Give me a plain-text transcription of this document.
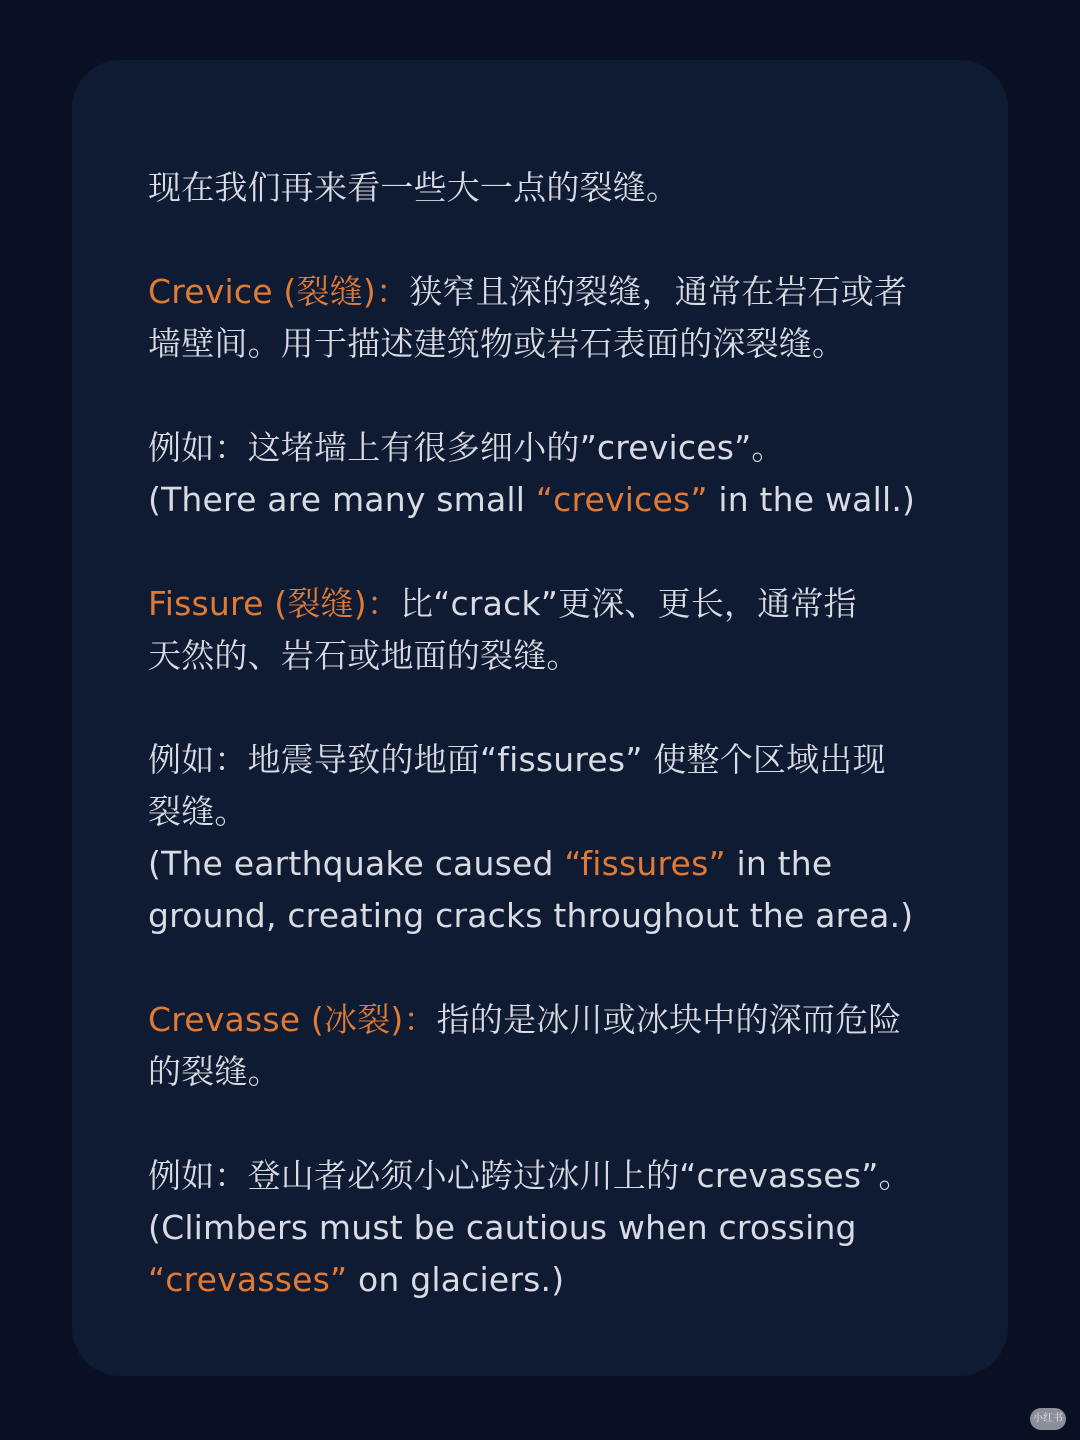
现在我们再来看一些大一点的裂缝。
Crevice (裂缝)：狭窄且深的裂缝，通常在岩石或者
墙壁间。用于描述建筑物或岩石表面的深裂缝。
例如：这堵墙上有很多细小的”crevices”。
(There are many small “crevices” in the wall.)
Fissure (裂缝)：比“crack”更深、更长，通常指
天然的、岩石或地面的裂缝。
例如：地震导致的地面“fissures” 使整个区域出现
裂缝。
(The earthquake caused “fissures” in the
ground, creating cracks throughout the area.)
Crevasse (冰裂)：指的是冰川或冰块中的深而危险
的裂缝。
例如：登山者必须小心跨过冰川上的“crevasses”。
(Climbers must be cautious when crossing
“crevasses” on glaciers.)
小红书
